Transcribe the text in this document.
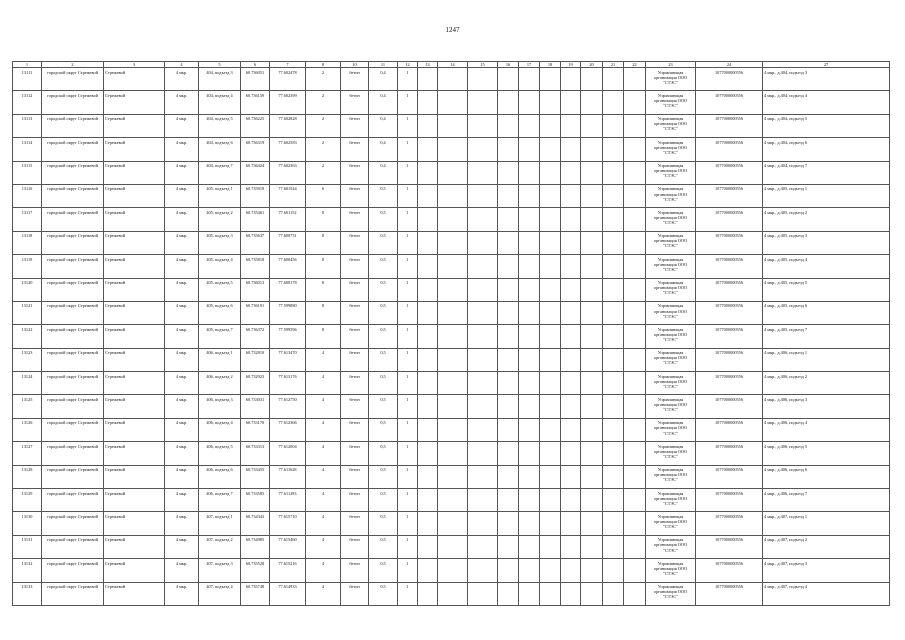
1247
1	2	3	4	5	6	7	8	10	11	12	13	14	15	16	17	18	19	20	21	22	23	24	27
13111	городской округ Стрежевой	Стрежевой	4 мкр.	404, подъезд 3	60.736051	77.602478	2	бетон	0,4	1											Управляющая организация ООО "СТЭС"	1077000000556	4 мкр., д.404, подъезд 3
13112	городской округ Стрежевой	Стрежевой	4 мкр.	404, подъезд 4	60.736159	77.602399	2	бетон	0,4	1											Управляющая организация ООО "СТЭС"	1077000000556	4 мкр., д.404, подъезд 4
13113	городской округ Стрежевой	Стрежевой	4 мкр.	404, подъезд 5	60.736225	77.602828	2	бетон	0,4	1											Управляющая организация ООО "СТЭС"	1077000000556	4 мкр., д.404, подъезд 5
13114	городской округ Стрежевой	Стрежевой	4 мкр.	404, подъезд 6	60.736319	77.602583	2	бетон	0,4	1											Управляющая организация ООО "СТЭС"	1077000000556	4 мкр., д.404, подъезд 6
13115	городской округ Стрежевой	Стрежевой	4 мкр.	404, подъезд 7	60.736424	77.602363	2	бетон	0,4	1											Управляющая организация ООО "СТЭС"	1077000000556	4 мкр., д.404, подъезд 7
13116	городской округ Стрежевой	Стрежевой	4 мкр.	405, подъезд 1	60.735918	77.601544	6	бетон	0,5	1											Управляющая организация ООО "СТЭС"	1077000000556	4 мкр., д.405, подъезд 1
13117	городской округ Стрежевой	Стрежевой	4 мкр.	405, подъезд 2	60.735461	77.601152	8	бетон	0,5	1											Управляющая организация ООО "СТЭС"	1077000000556	4 мкр., д.405, подъезд 2
13118	городской округ Стрежевой	Стрежевой	4 мкр.	405, подъезд 3	60.735637	77.600751	8	бетон	0,5	1											Управляющая организация ООО "СТЭС"	1077000000556	4 мкр., д.405, подъезд 3
13119	городской округ Стрежевой	Стрежевой	4 мкр.	405, подъезд 4	60.735818	77.600456	8	бетон	0,5	1											Управляющая организация ООО "СТЭС"	1077000000556	4 мкр., д.405, подъезд 4
13120	городской округ Стрежевой	Стрежевой	4 мкр.	405, подъезд 5	60.736013	77.600178	8	бетон	0,5	1											Управляющая организация ООО "СТЭС"	1077000000556	4 мкр., д.405, подъезд 5
13121	городской округ Стрежевой	Стрежевой	4 мкр.	405, подъезд 6	60.736191	77.599880	8	бетон	0,5	1											Управляющая организация ООО "СТЭС"	1077000000556	4 мкр., д.405, подъезд 6
13122	городской округ Стрежевой	Стрежевой	4 мкр.	405, подъезд 7	60.736372	77.599596	8	бетон	0,5	1											Управляющая организация ООО "СТЭС"	1077000000556	4 мкр., д.405, подъезд 7
13123	городской округ Стрежевой	Стрежевой	4 мкр.	406, подъезд 1	60.732810	77.613470	4	бетон	0,5	1											Управляющая организация ООО "СТЭС"	1077000000556	4 мкр., д.406, подъезд 1
13124	городской округ Стрежевой	Стрежевой	4 мкр.	406, подъезд 2	60.732923	77.613176	4	бетон	0,5	1											Управляющая организация ООО "СТЭС"	1077000000556	4 мкр., д.406, подъезд 2
13125	городской округ Стрежевой	Стрежевой	4 мкр.	406, подъезд 3	60.733031	77.612750	4	бетон	0,5	1											Управляющая организация ООО "СТЭС"	1077000000556	4 мкр., д.406, подъезд 3
13126	городской округ Стрежевой	Стрежевой	4 мкр.	406, подъезд 4	60.733170	77.612366	4	бетон	0,5	1											Управляющая организация ООО "СТЭС"	1077000000556	4 мкр., д.406, подъезд 4
13127	городской округ Стрежевой	Стрежевой	4 мкр.	406, подъезд 5	60.733313	77.612004	4	бетон	0,5	1											Управляющая организация ООО "СТЭС"	1077000000556	4 мкр., д.406, подъезд 5
13128	городской округ Стрежевой	Стрежевой	4 мкр.	406, подъезд 6	60.733455	77.611628	4	бетон	0,5	1											Управляющая организация ООО "СТЭС"	1077000000556	4 мкр., д.406, подъезд 6
13129	городской округ Стрежевой	Стрежевой	4 мкр.	406, подъезд 7	60.733585	77.611283	4	бетон	0,5	1											Управляющая организация ООО "СТЭС"	1077000000556	4 мкр., д.406, подъезд 7
13130	городской округ Стрежевой	Стрежевой	4 мкр.	407, подъезд 1	60.734343	77.615710	4	бетон	0,5	1											Управляющая организация ООО "СТЭС"	1077000000556	4 мкр., д.407, подъезд 1
13131	городской округ Стрежевой	Стрежевой	4 мкр.	407, подъезд 2	60.734985	77.615460	4	бетон	0,5	1											Управляющая организация ООО "СТЭС"	1077000000556	4 мкр., д.407, подъезд 2
13132	городской округ Стрежевой	Стрежевой	4 мкр.	407, подъезд 3	60.735528	77.615216	4	бетон	0,5	1											Управляющая организация ООО "СТЭС"	1077000000556	4 мкр., д.407, подъезд 3
13133	городской округ Стрежевой	Стрежевой	4 мкр.	407, подъезд 4	60.735748	77.614933	4	бетон	0,5	1											Управляющая организация ООО "СТЭС"	1077000000556	4 мкр., д.407, подъезд 4
